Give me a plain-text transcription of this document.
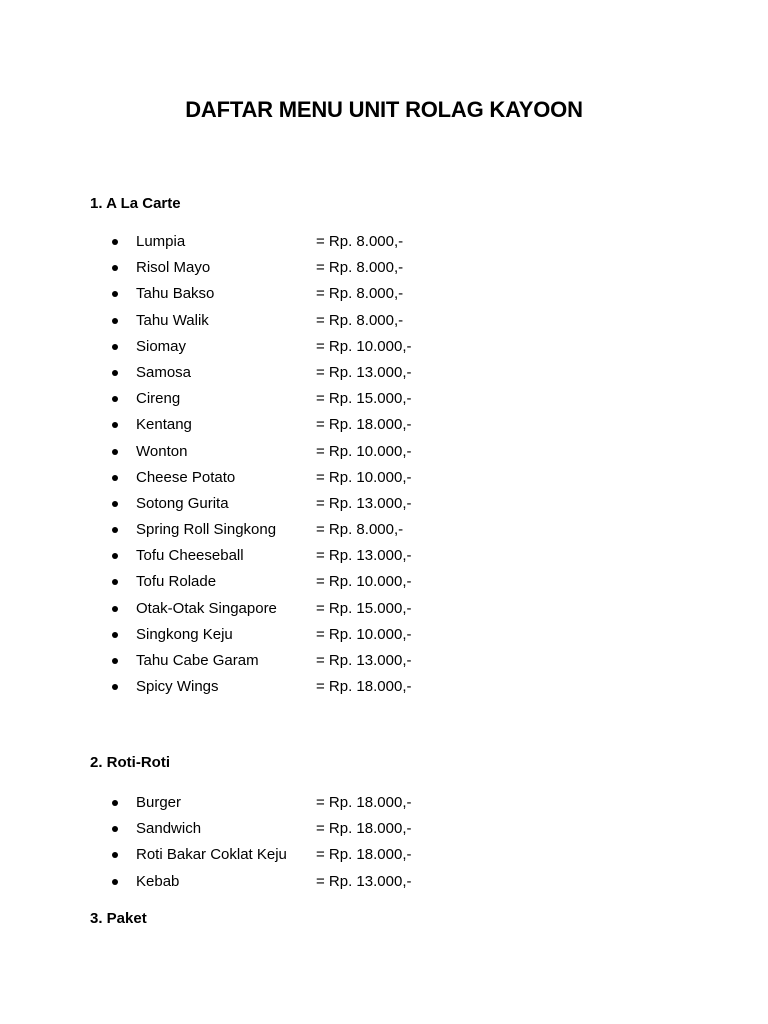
DAFTAR MENU UNIT ROLAG KAYOON
1. A La Carte
Lumpia	= Rp. 8.000,-
Risol Mayo	= Rp. 8.000,-
Tahu Bakso	= Rp. 8.000,-
Tahu Walik	= Rp. 8.000,-
Siomay	= Rp. 10.000,-
Samosa	= Rp. 13.000,-
Cireng	= Rp. 15.000,-
Kentang	= Rp. 18.000,-
Wonton	= Rp. 10.000,-
Cheese Potato	= Rp. 10.000,-
Sotong Gurita	= Rp. 13.000,-
Spring Roll Singkong	= Rp. 8.000,-
Tofu Cheeseball	= Rp. 13.000,-
Tofu Rolade	= Rp. 10.000,-
Otak-Otak Singapore	= Rp. 15.000,-
Singkong Keju	= Rp. 10.000,-
Tahu Cabe Garam	= Rp. 13.000,-
Spicy Wings	= Rp. 18.000,-
2. Roti-Roti
Burger	= Rp. 18.000,-
Sandwich	= Rp. 18.000,-
Roti Bakar Coklat Keju = Rp. 18.000,-
Kebab	= Rp. 13.000,-
3. Paket
